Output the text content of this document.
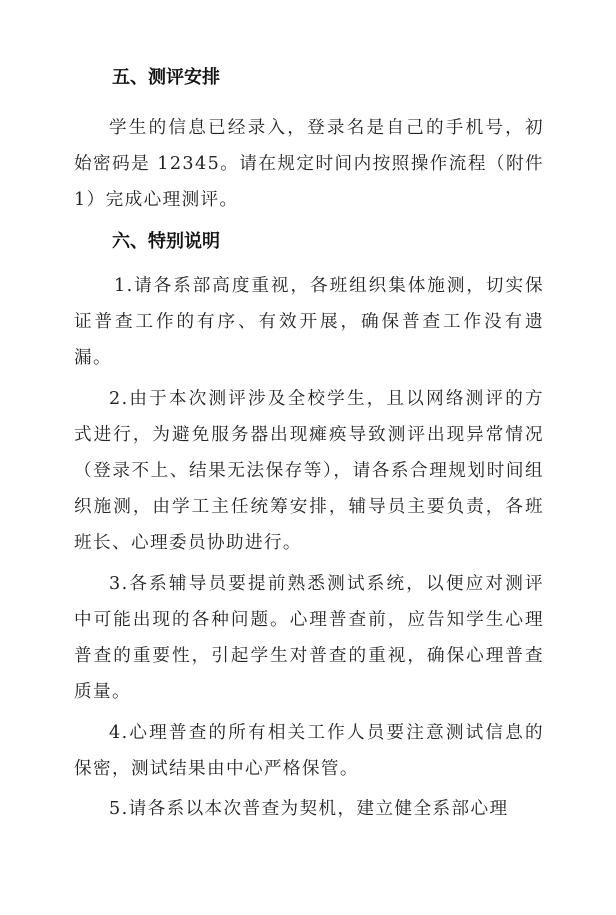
五、测评安排

学生的信息已经录入，登录名是自己的手机号，初始密码是 12345。请在规定时间内按照操作流程（附件 1）完成心理测评。

六、特别说明

1.请各系部高度重视，各班组织集体施测，切实保证普查工作的有序、有效开展，确保普查工作没有遗漏。

2.由于本次测评涉及全校学生，且以网络测评的方式进行，为避免服务器出现瘫痪导致测评出现异常情况（登录不上、结果无法保存等），请各系合理规划时间组织施测，由学工主任统筹安排，辅导员主要负责，各班班长、心理委员协助进行。

3.各系辅导员要提前熟悉测试系统，以便应对测评中可能出现的各种问题。心理普查前，应告知学生心理普查的重要性，引起学生对普查的重视，确保心理普查质量。

4.心理普查的所有相关工作人员要注意测试信息的保密，测试结果由中心严格保管。

5.请各系以本次普查为契机，建立健全系部心理
